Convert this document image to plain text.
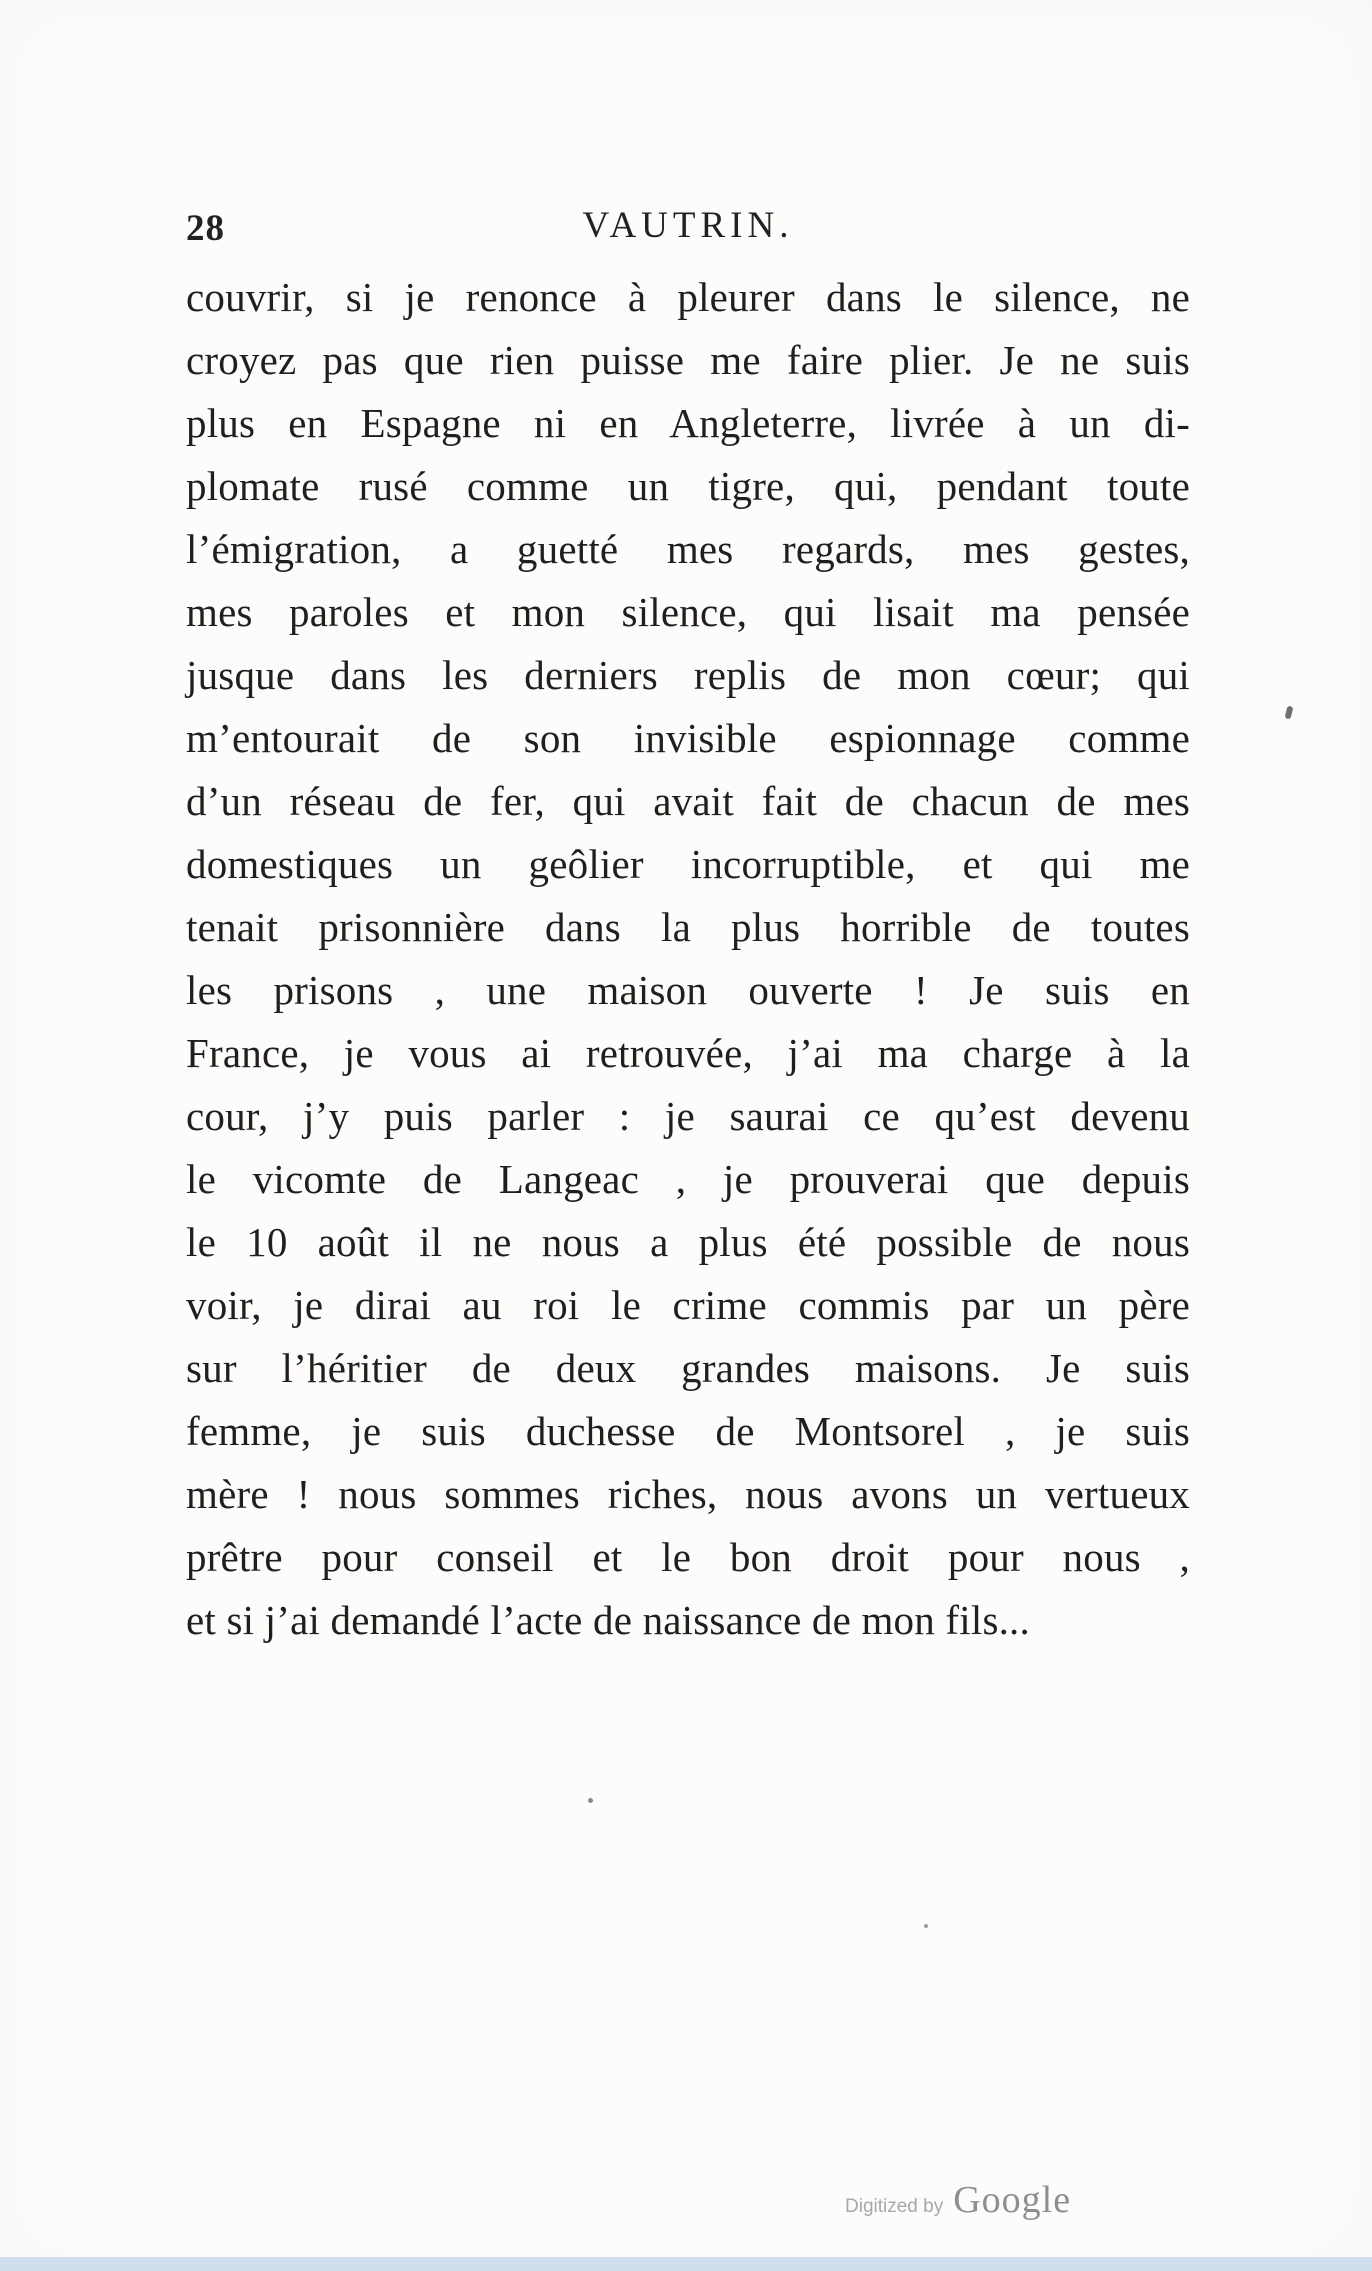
28	VAUTRIN.
couvrir, si je renonce à pleurer dans le silence, ne
croyez pas que rien puisse me faire plier. Je ne suis
plus en Espagne ni en Angleterre, livrée à un di-
plomate rusé comme un tigre, qui, pendant toute
l’émigration, a guetté mes regards, mes gestes,
mes paroles et mon silence, qui lisait ma pensée
jusque dans les derniers replis de mon cœur; qui
m’entourait de son invisible espionnage comme
d’un réseau de fer, qui avait fait de chacun de mes
domestiques un geôlier incorruptible, et qui me
tenait prisonnière dans la plus horrible de toutes
les prisons , une maison ouverte ! Je suis en
France, je vous ai retrouvée, j’ai ma charge à la
cour, j’y puis parler : je saurai ce qu’est devenu
le vicomte de Langeac , je prouverai que depuis
le 10 août il ne nous a plus été possible de nous
voir, je dirai au roi le crime commis par un père
sur l’héritier de deux grandes maisons. Je suis
femme, je suis duchesse de Montsorel , je suis
mère ! nous sommes riches, nous avons un vertueux
prêtre pour conseil et le bon droit pour nous ,
et si j’ai demandé l’acte de naissance de mon fils...
Digitized by Google
